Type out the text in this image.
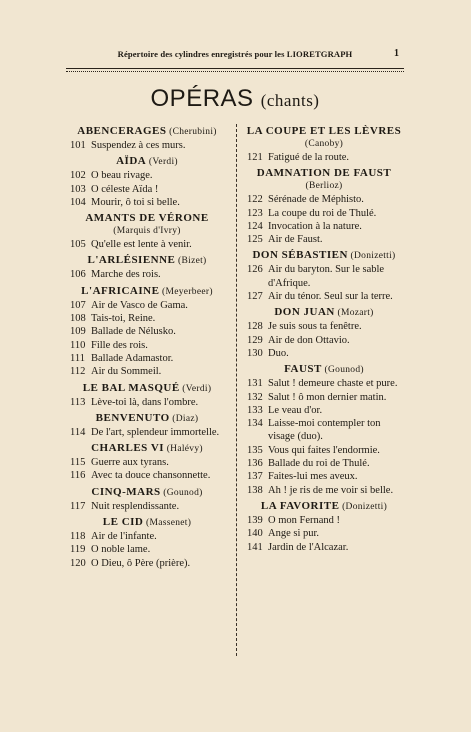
Répertoire des cylindres enregistrés pour les LIORETGRAPH	1
OPÉRAS (chants)
ABENCERAGES (Cherubini)
101 Suspendez à ces murs.
AÏDA (Verdi)
102 O beau rivage.
103 O céleste Aïda !
104 Mourir, ô toi si belle.
AMANTS DE VÉRONE
(Marquis d'Ivry)
105 Qu'elle est lente à venir.
L'ARLÉSIENNE (Bizet)
106 Marche des rois.
L'AFRICAINE (Meyerbeer)
107 Air de Vasco de Gama.
108 Tais-toi, Reine.
109 Ballade de Nélusko.
110 Fille des rois.
111 Ballade Adamastor.
112 Air du Sommeil.
LE BAL MASQUÉ (Verdi)
113 Lève-toi là, dans l'ombre.
BENVENUTO (Diaz)
114 De l'art, splendeur immortelle.
CHARLES VI (Halévy)
115 Guerre aux tyrans.
116 Avec ta douce chansonnette.
CINQ-MARS (Gounod)
117 Nuit resplendissante.
LE CID (Massenet)
118 Air de l'infante.
119 O noble lame.
120 O Dieu, ô Père (prière).
LA COUPE ET LES LÈVRES
(Canoby)
121 Fatigué de la route.
DAMNATION DE FAUST
(Berlioz)
122 Sérénade de Méphisto.
123 La coupe du roi de Thulé.
124 Invocation à la nature.
125 Air de Faust.
DON SÉBASTIEN (Donizetti)
126 Air du baryton. Sur le sable d'Afrique.
127 Air du ténor. Seul sur la terre.
DON JUAN (Mozart)
128 Je suis sous ta fenêtre.
129 Air de don Ottavio.
130 Duo.
FAUST (Gounod)
131 Salut ! demeure chaste et pure.
132 Salut ! ô mon dernier matin.
133 Le veau d'or.
134 Laisse-moi contempler ton visage (duo).
135 Vous qui faites l'endormie.
136 Ballade du roi de Thulé.
137 Faites-lui mes aveux.
138 Ah ! je ris de me voir si belle.
LA FAVORITE (Donizetti)
139 O mon Fernand !
140 Ange si pur.
141 Jardin de l'Alcazar.
